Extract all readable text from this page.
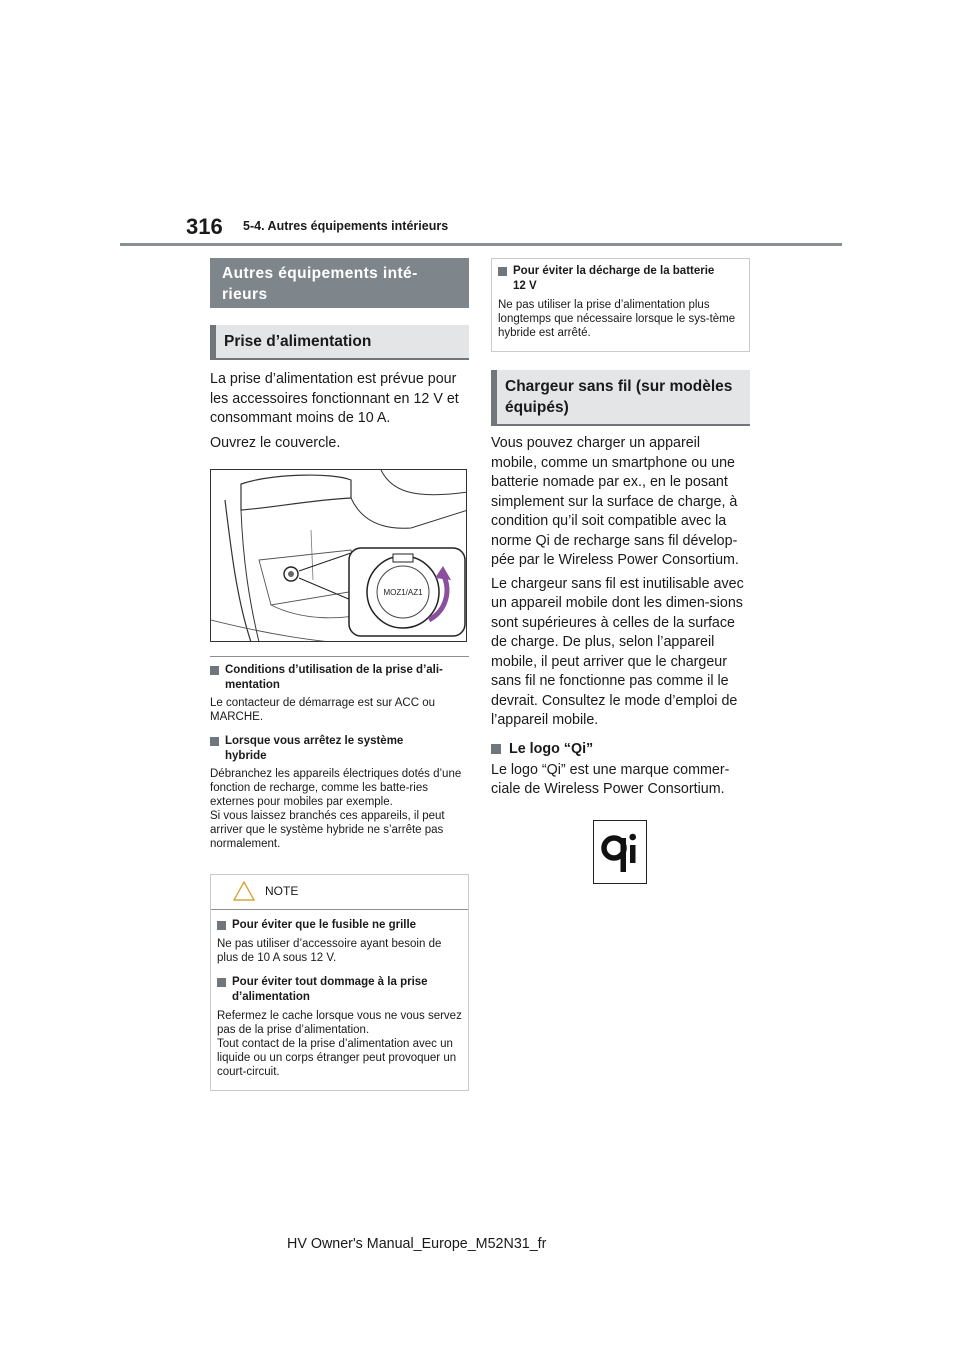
316 5-4. Autres équipements intérieurs
Autres équipements inté-
rieurs
Prise d’alimentation

La prise d’alimentation est prévue pour les accessoires fonctionnant en 12 V et consommant moins de 10 A.

Ouvrez le couvercle.

MOZ1/AZ1
Conditions d’utilisation de la prise d’ali-
mentation

Le contacteur de démarrage est sur ACC ou MARCHE.

Lorsque vous arrêtez le système
hybride

Débranchez les appareils électriques dotés d’une fonction de recharge, comme les batte-ries externes pour mobiles par exemple.
Si vous laissez branchés ces appareils, il peut arriver que le système hybride ne s’arrête pas normalement.

NOTE
Pour éviter que le fusible ne grille

Ne pas utiliser d’accessoire ayant besoin de plus de 10 A sous 12 V.

Pour éviter tout dommage à la prise
d’alimentation

Refermez le cache lorsque vous ne vous servez pas de la prise d’alimentation.
Tout contact de la prise d’alimentation avec un liquide ou un corps étranger peut provoquer un court-circuit.

Pour éviter la décharge de la batterie
12 V

Ne pas utiliser la prise d’alimentation plus longtemps que nécessaire lorsque le sys-tème hybride est arrêté.

Chargeur sans fil (sur modèles
équipés)

Vous pouvez charger un appareil mobile, comme un smartphone ou une batterie nomade par ex., en le posant simplement sur la surface de charge, à condition qu’il soit compatible avec la norme Qi de recharge sans fil dévelop-pée par le Wireless Power Consortium.

Le chargeur sans fil est inutilisable avec un appareil mobile dont les dimen-sions sont supérieures à celles de la surface de charge. De plus, selon l’appareil mobile, il peut arriver que le chargeur sans fil ne fonctionne pas comme il le devrait. Consultez le mode d’emploi de l’appareil mobile.

Le logo “Qi”

Le logo “Qi” est une marque commer-ciale de Wireless Power Consortium.

qi
HV Owner's Manual_Europe_M52N31_fr
